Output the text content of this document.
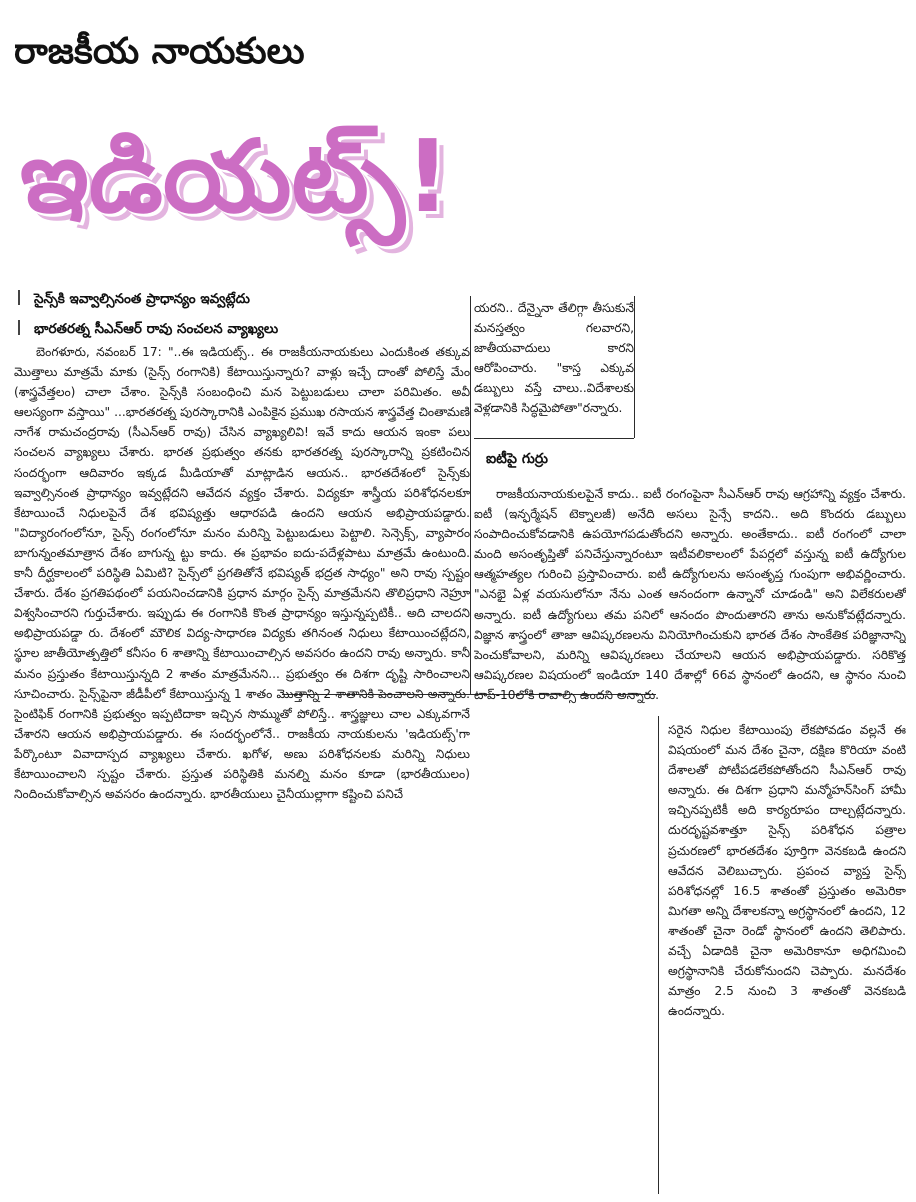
రాజకీయ నాయకులు
ఇడియట్స్‌!
సైన్స్‌కి ఇవ్వాల్సినంత ప్రాధాన్యం ఇవ్వట్లేదు
భారతరత్న సీఎన్‌ఆర్‌ రావు సంచలన వ్యాఖ్యలు

బెంగళూరు, నవంబర్‌ 17: "..ఈ ఇడియట్స్‌.. ఈ రాజకీయనాయకులు ఎందుకింత తక్కువ మొత్తాలు మాత్రమే మాకు (సైన్స్‌ రంగానికి) కేటాయిస్తున్నారు? వాళ్లు ఇచ్చే దాంతో పోలిస్తే మేం (శాస్త్రవేత్తలం) చాలా చేశాం. సైన్స్‌కి సంబంధించి మన పెట్టుబడులు చాలా పరిమితం. అవీ ఆలస్యంగా వస్తాయి" ...భారతరత్న పురస్కారానికి ఎంపికైన ప్రముఖ రసాయన శాస్త్రవేత్త చింతామణి నాగేశ రామచంద్రరావు (సీఎన్‌ఆర్‌ రావు) చేసిన వ్యాఖ్యలివి! ఇవే కాదు ఆయన ఇంకా పలు సంచలన వ్యాఖ్యలు చేశారు. భారత ప్రభుత్వం తనకు భారతరత్న పురస్కారాన్ని ప్రకటించిన సందర్భంగా ఆదివారం ఇక్కడ మీడియాతో మాట్లాడిన ఆయన.. భారతదేశంలో సైన్స్‌కు ఇవ్వాల్సినంత ప్రాధాన్యం ఇవ్వట్లేదని ఆవేదన వ్యక్తం చేశారు. విద్యకూ శాస్త్రీయ పరిశోధనలకూ కేటాయించే నిధులపైనే దేశ భవిష్యత్తు ఆధారపడి ఉందని ఆయన అభిప్రాయపడ్డారు. "విద్యారంగంలోనూ, సైన్స్‌ రంగంలోనూ మనం మరిన్ని పెట్టుబడులు పెట్టాలి. సెన్సెక్స్‌, వ్యాపారం బాగున్నంతమాత్రాన దేశం బాగున్న ట్టు కాదు. ఈ ప్రభావం ఐదు-పదేళ్లపాటు మాత్రమే ఉంటుంది. కానీ దీర్ఘకాలంలో పరిస్థితి ఏమిటి? సైన్స్‌లో ప్రగతితోనే భవిష్యత్‌ భద్రత సాధ్యం" అని రావు స్పష్టం చేశారు. దేశం ప్రగతిపథంలో పయనించడానికి ప్రధాన మార్గం సైన్స్‌ మాత్రమేనని తొలిప్రధాని నెహ్రూ విశ్వసించారని గుర్తుచేశారు. ఇప్పుడు ఈ రంగానికి కొంత ప్రాధాన్యం ఇస్తున్నప్పటికీ.. అది చాలదని అభిప్రాయపడ్డా రు. దేశంలో మౌలిక విద్య-సాధారణ విద్యకు తగినంత నిధులు కేటాయించట్లేదని, స్థూల జాతీయోత్పత్తిలో కనీసం 6 శాతాన్ని కేటాయించాల్సిన అవసరం ఉందని రావు అన్నారు. కానీ మనం ప్రస్తుతం కేటాయిస్తున్నది 2 శాతం మాత్రమేనని... ప్రభుత్వం ఈ దిశగా దృష్టి సారించాలని సూచించారు. సైన్స్‌పైనా జీడీపీలో కేటాయిస్తున్న 1 శాతం మొత్తాన్ని 2 శాతానికి పెంచాలని అన్నారు. సైంటిఫిక్‌ రంగానికి ప్రభుత్వం ఇప్పటిదాకా ఇచ్చిన సొమ్ముతో పోలిస్తే.. శాస్త్రజ్ఞులు చాల ఎక్కువగానే చేశారని ఆయన అభిప్రాయపడ్డారు. ఈ సందర్భంలోనే.. రాజకీయ నాయకులను 'ఇడియట్స్‌'గా పేర్కొంటూ వివాదాస్పద వ్యాఖ్యలు చేశారు. ఖగోళ, అణు పరిశోధనలకు మరిన్ని నిధులు కేటాయించాలని స్పష్టం చేశారు. ప్రస్తుత పరిస్థితికి మనల్ని మనం కూడా (భారతీయులం) నిందించుకోవాల్సిన అవసరం ఉందన్నారు. భారతీయులు చైనీయుల్లాగా కష్టించి పనిచే

యరని.. దేన్నైనా తేలిగ్గా తీసుకునే మనస్తత్వం గలవారని, జాతీయవాదులు కారని ఆరోపించారు. "కాస్త ఎక్కువ డబ్బులు వస్తే చాలు..విదేశాలకు వెళ్లడానికి సిద్ధమైపోతా"రన్నారు.

ఐటీపై గుర్రు

రాజకీయనాయకులపైనే కాదు.. ఐటీ రంగంపైనా సీఎన్‌ఆర్‌ రావు ఆగ్రహాన్ని వ్యక్తం చేశారు. ఐటీ (ఇన్ఫర్మేషన్‌ టెక్నాలజీ) అనేది అసలు సైన్సే కాదని.. అది కొందరు డబ్బులు సంపాదించుకోవడానికి ఉపయోగపడుతోందని అన్నారు. అంతేకాదు.. ఐటీ రంగంలో చాలా మంది అసంతృప్తితో పనిచేస్తున్నారంటూ ఇటీవలికాలంలో పేపర్లలో వస్తున్న ఐటీ ఉద్యోగుల ఆత్మహత్యల గురించి ప్రస్తావించారు. ఐటీ ఉద్యోగులను అసంతృప్త గుంపుగా అభివర్ణించారు. "ఎనభై ఏళ్ల వయసులోనూ నేను ఎంత ఆనందంగా ఉన్నానో చూడండి" అని విలేకరులతో అన్నారు. ఐటీ ఉద్యోగులు తమ పనిలో ఆనందం పొందుతారని తాను అనుకోవట్లేదన్నారు. విజ్ఞాన శాస్త్రంలో తాజా ఆవిష్కరణలను వినియోగించుకుని భారత దేశం సాంకేతిక పరిజ్ఞానాన్ని పెంచుకోవాలని, మరిన్ని ఆవిష్కరణలు చేయాలని ఆయన అభిప్రాయపడ్డారు. సరికొత్త ఆవిష్కరణల విషయంలో ఇండియా 140 దేశాల్లో 66వ స్థానంలో ఉందని, ఆ స్థానం నుంచి టాప్‌-10లోకి రావాల్సి ఉందని అన్నారు.

సరైన నిధుల కేటాయింపు లేకపోవడం వల్లనే ఈ విషయంలో మన దేశం చైనా, దక్షిణ కొరియా వంటి దేశాలతో పోటీపడలేకపోతోందని సీఎన్‌ఆర్‌ రావు అన్నారు. ఈ దిశగా ప్రధాని మన్మోహన్‌సింగ్‌ హామీ ఇచ్చినప్పటికీ అది కార్యరూపం దాల్చట్లేదన్నారు. దురదృష్టవశాత్తూ సైన్స్‌ పరిశోధన పత్రాల ప్రచురణలో భారతదేశం పూర్తిగా వెనకబడి ఉందని ఆవేదన వెలిబుచ్చారు. ప్రపంచ వ్యాప్త సైన్స్‌ పరిశోధనల్లో 16.5 శాతంతో ప్రస్తుతం అమెరికా మిగతా అన్ని దేశాలకన్నా అగ్రస్థానంలో ఉందని, 12 శాతంతో చైనా రెండో స్థానంలో ఉందని తెలిపారు. వచ్చే ఏడాదికి చైనా అమెరికానూ అధిగమించి అగ్రస్థానానికి చేరుకోనుందని చెప్పారు. మనదేశం మాత్రం 2.5 నుంచి 3 శాతంతో వెనకబడి ఉందన్నారు.
